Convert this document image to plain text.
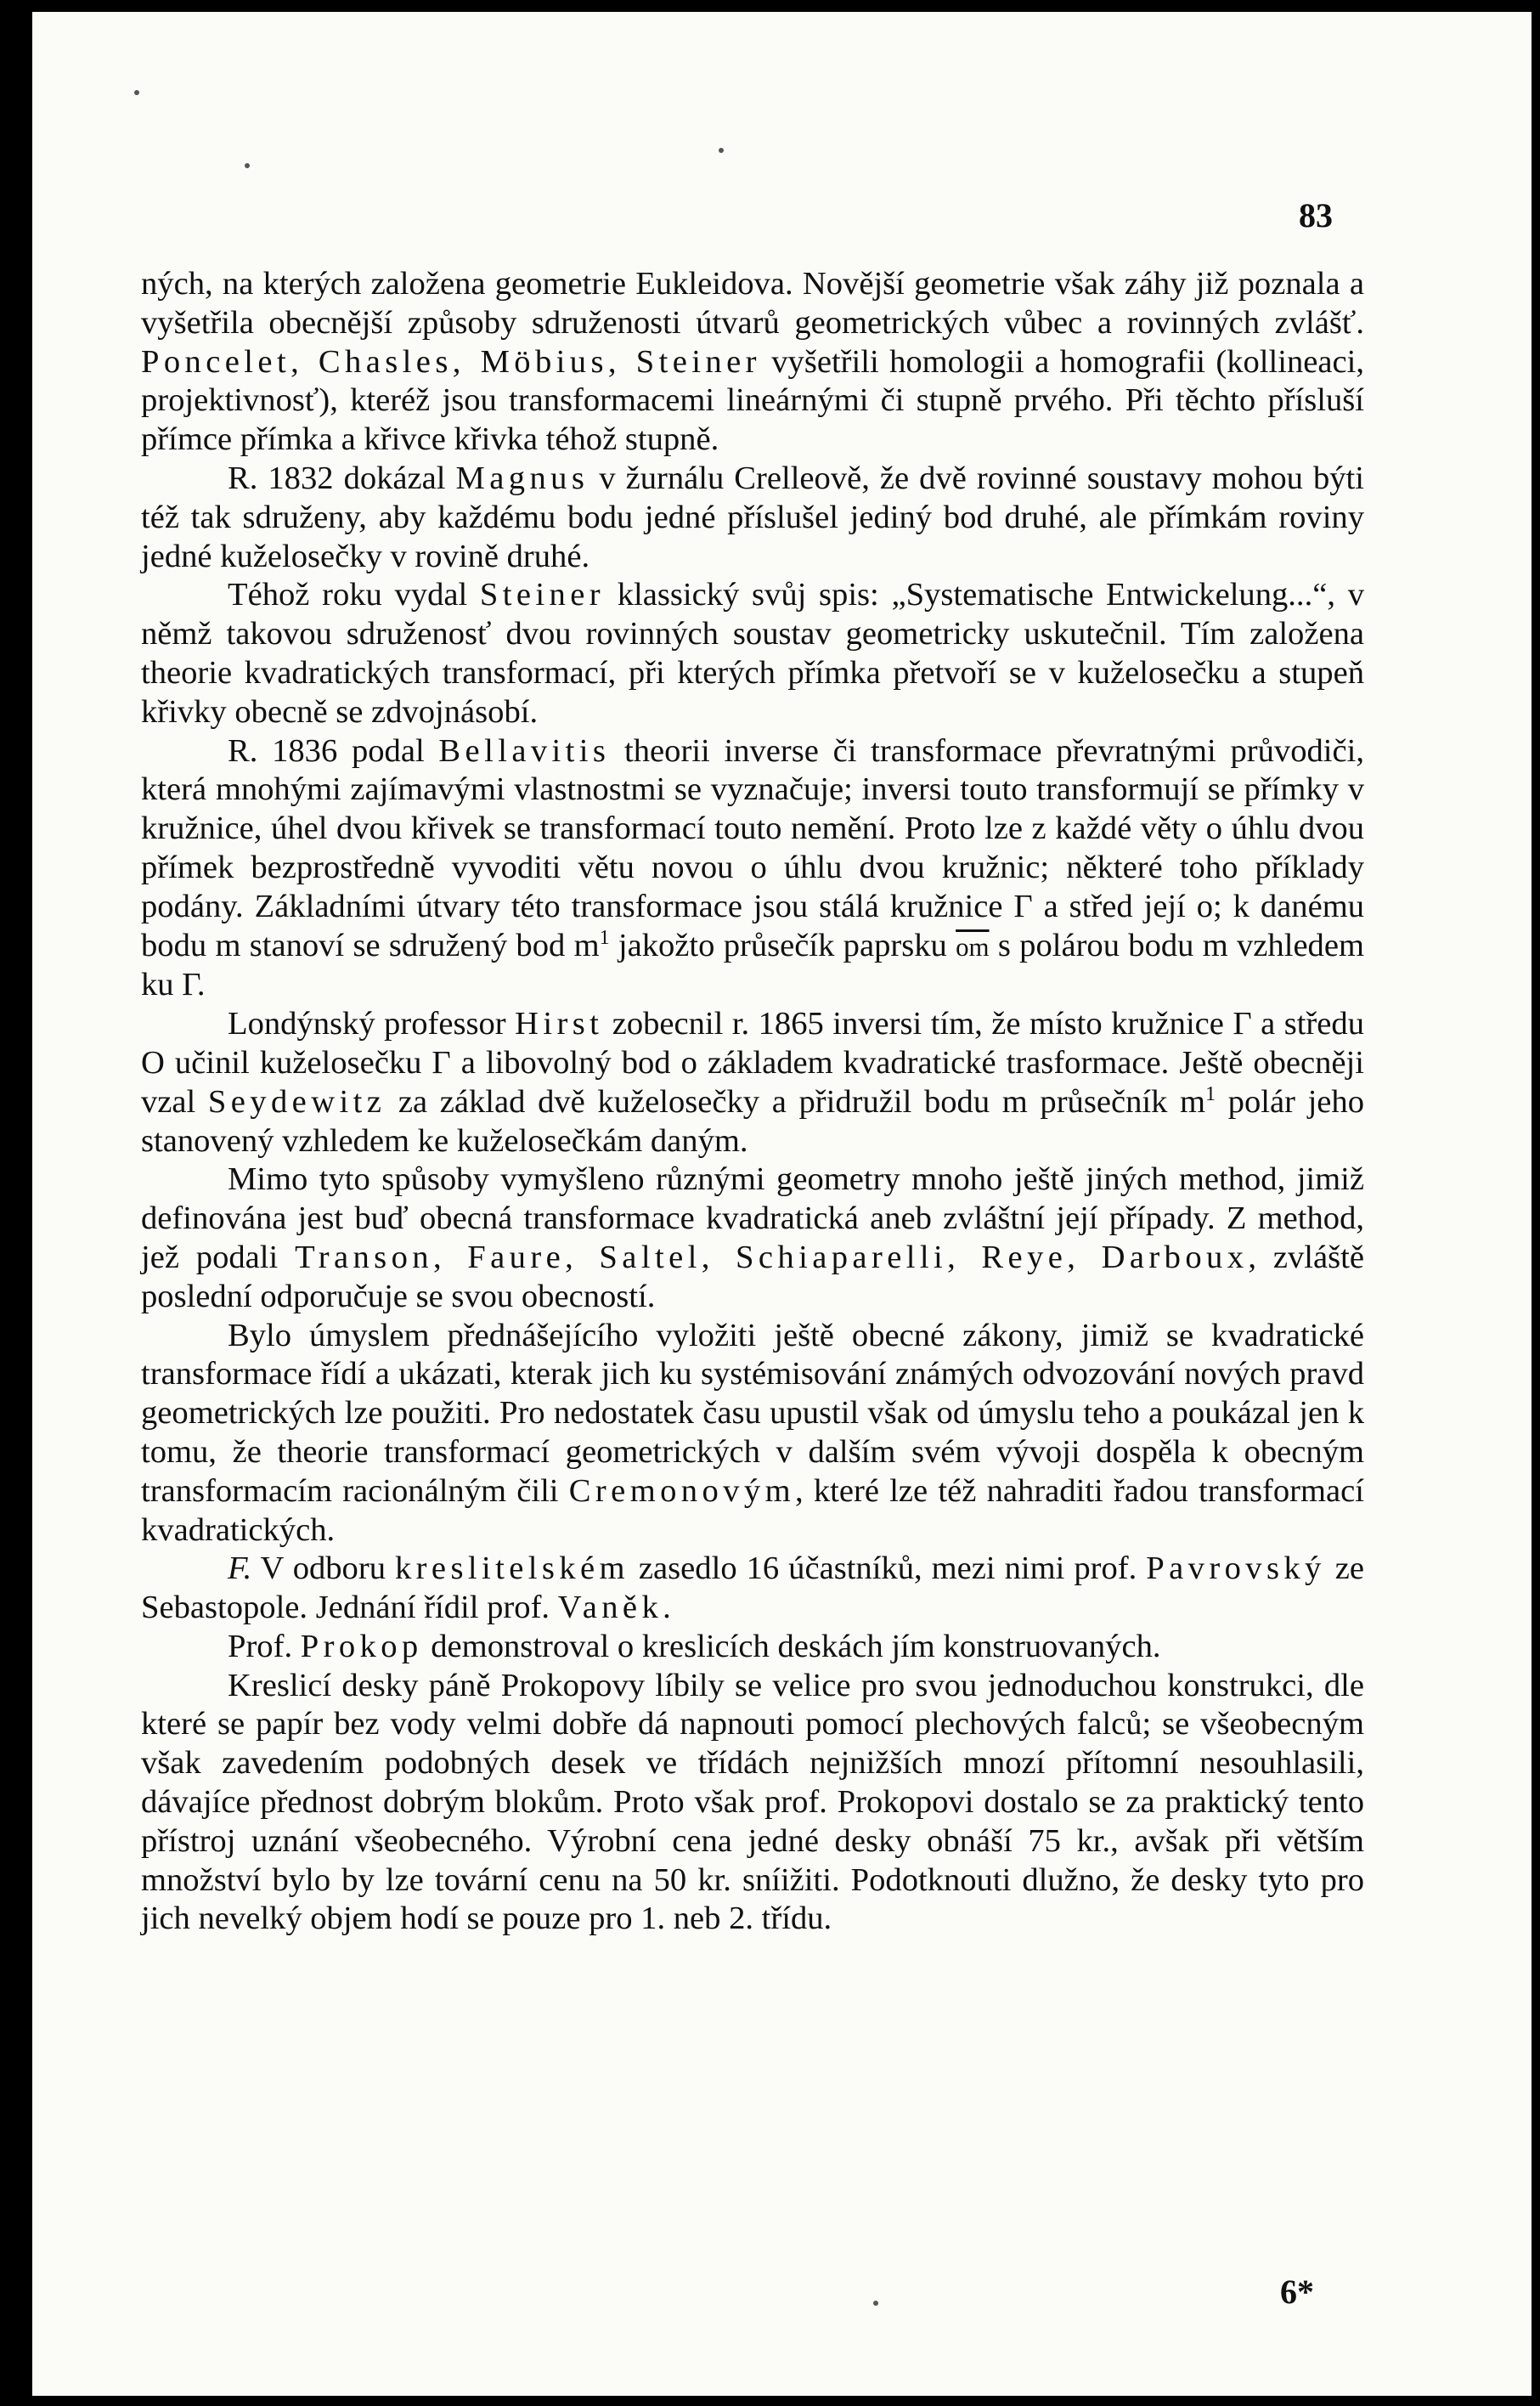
83

ných, na kterých založena geometrie Eukleidova. Novější geometrie však záhy již poznala a vyšetřila obecnější způsoby sdruženosti útvarů geometrických vůbec a rovinných zvlášť. Poncelet, Chasles, Möbius, Steiner vyšetřili homologii a homografii (kollineaci, projektivnosť), kteréž jsou transformacemi lineárnými či stupně prvého. Při těchto přísluší přímce přímka a křivce křivka téhož stupně.

R. 1832 dokázal Magnus v žurnálu Crelleově, že dvě rovinné soustavy mohou býti též tak sdruženy, aby každému bodu jedné příslušel jediný bod druhé, ale přímkám roviny jedné kuželosečky v rovině druhé.

Téhož roku vydal Steiner klassický svůj spis: „Systematische Entwickelung...“, v němž takovou sdruženosť dvou rovinných soustav geometricky uskutečnil. Tím založena theorie kvadratických transformací, při kterých přímka přetvoří se v kuželosečku a stupeň křivky obecně se zdvojnásobí.

R. 1836 podal Bellavitis theorii inverse či transformace převratnými průvodiči, která mnohými zajímavými vlastnostmi se vyznačuje; inversi touto transformují se přímky v kružnice, úhel dvou křivek se transformací touto nemění. Proto lze z každé věty o úhlu dvou přímek bezprostředně vyvoditi větu novou o úhlu dvou kružnic; některé toho příklady podány. Základními útvary této transformace jsou stálá kružnice Γ a střed její o; k danému bodu m stanoví se sdružený bod $m^1$ jakožto průsečík paprsku $\overline{om}$ s polárou bodu m vzhledem ku Γ.

Londýnský professor Hirst zobecnil r. 1865 inversi tím, že místo kružnice Γ a středu O učinil kuželosečku Γ a libovolný bod o základem kvadratické trasformace. Ještě obecněji vzal Seydewitz za základ dvě kuželosečky a přidružil bodu m průsečník $m^1$ polár jeho stanovený vzhledem ke kuželosečkám daným.

Mimo tyto spůsoby vymyšleno různými geometry mnoho ještě jiných method, jimiž definována jest buď obecná transformace kvadratická aneb zvláštní její případy. Z method, jež podali Transon, Faure, Saltel, Schiaparelli, Reye, Darboux, zvláště poslední odporučuje se svou obecností.

Bylo úmyslem přednášejícího vyložiti ještě obecné zákony, jimiž se kvadratické transformace řídí a ukázati, kterak jich ku systémisování známých odvozování nových pravd geometrických lze použiti. Pro nedostatek času upustil však od úmyslu teho a poukázal jen k tomu, že theorie transformací geometrických v dalším svém vývoji dospěla k obecným transformacím racionálným čili Cremonovým, které lze též nahraditi řadou transformací kvadratických.

F. V odboru kreslitelském zasedlo 16 účastníků, mezi nimi prof. Pavrovský ze Sebastopole. Jednání řídil prof. Vaněk.

Prof. Prokop demonstroval o kreslicích deskách jím konstruovaných.

Kreslicí desky páně Prokopovy líbily se velice pro svou jednoduchou konstrukci, dle které se papír bez vody velmi dobře dá napnouti pomocí plechových falců; se všeobecným však zavedením podobných desek ve třídách nejnižších mnozí přítomní nesouhlasili, dávajíce přednost dobrým blokům. Proto však prof. Prokopovi dostalo se za praktický tento přístroj uznání všeobecného. Výrobní cena jedné desky obnáší 75 kr., avšak při větším množství bylo by lze tovární cenu na 50 kr. sníižiti. Podotknouti dlužno, že desky tyto pro jich nevelký objem hodí se pouze pro 1. neb 2. třídu.

6*
